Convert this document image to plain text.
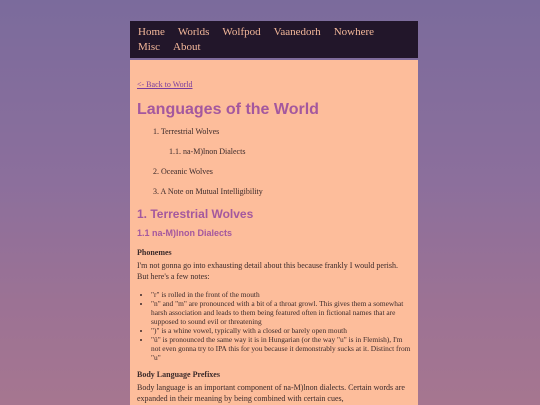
Home Worlds Wolfpod Vaanedorh Nowhere
Misc About
<- Back to World
Languages of the World
1. Terrestrial Wolves
1.1. na-M)lnon Dialects
2. Oceanic Wolves
3. A Note on Mutual Intelligibility
1. Terrestrial Wolves
1.1 na-M)lnon Dialects
Phonemes

I'm not gonna go into exhausting detail about this because frankly I would perish. But here's a few notes:

• "r" is rolled in the front of the mouth
• "n" and "m" are pronounced with a bit of a throat growl. This gives them a somewhat harsh association and leads to them being featured often in fictional names that are supposed to sound evil or threatening
• ")" is a whine vowel, typically with a closed or barely open mouth
• "ü" is pronounced the same way it is in Hungarian (or the way "u" is in Flemish), I'm not even gonna try to IPA this for you because it demonstrably sucks at it. Distinct from "u"
Body Language Prefixes

Body language is an important component of na-M)lnon dialects. Certain words are expanded in their meaning by being combined with certain cues,
